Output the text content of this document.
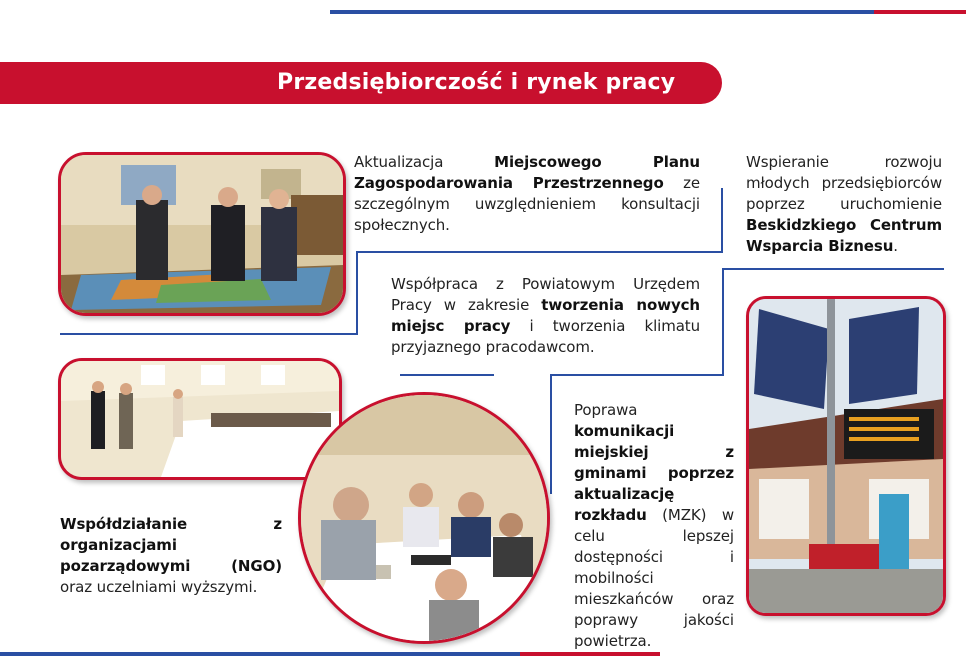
Przedsiębiorczość i rynek pracy
Aktualizacja Miejscowego Planu Zagospodarowania Przestrzennego ze szczególnym uwzględnieniem konsultacji społecznych.
Wspieranie rozwoju młodych przedsiębiorców poprzez uruchomienie Beskidzkiego Centrum Wsparcia Biznesu.
Współpraca z Powiatowym Urzędem Pracy w zakresie tworzenia nowych miejsc pracy i tworzenia klimatu przyjaznego pracodawcom.
Poprawa komunikacji miejskiej z gminami poprzez aktualizację rozkładu (MZK) w celu lepszej dostępności i mobilności mieszkańców oraz poprawy jakości powietrza.
Współdziałanie z organizacjami pozarządowymi (NGO) oraz uczelniami wyższymi.
